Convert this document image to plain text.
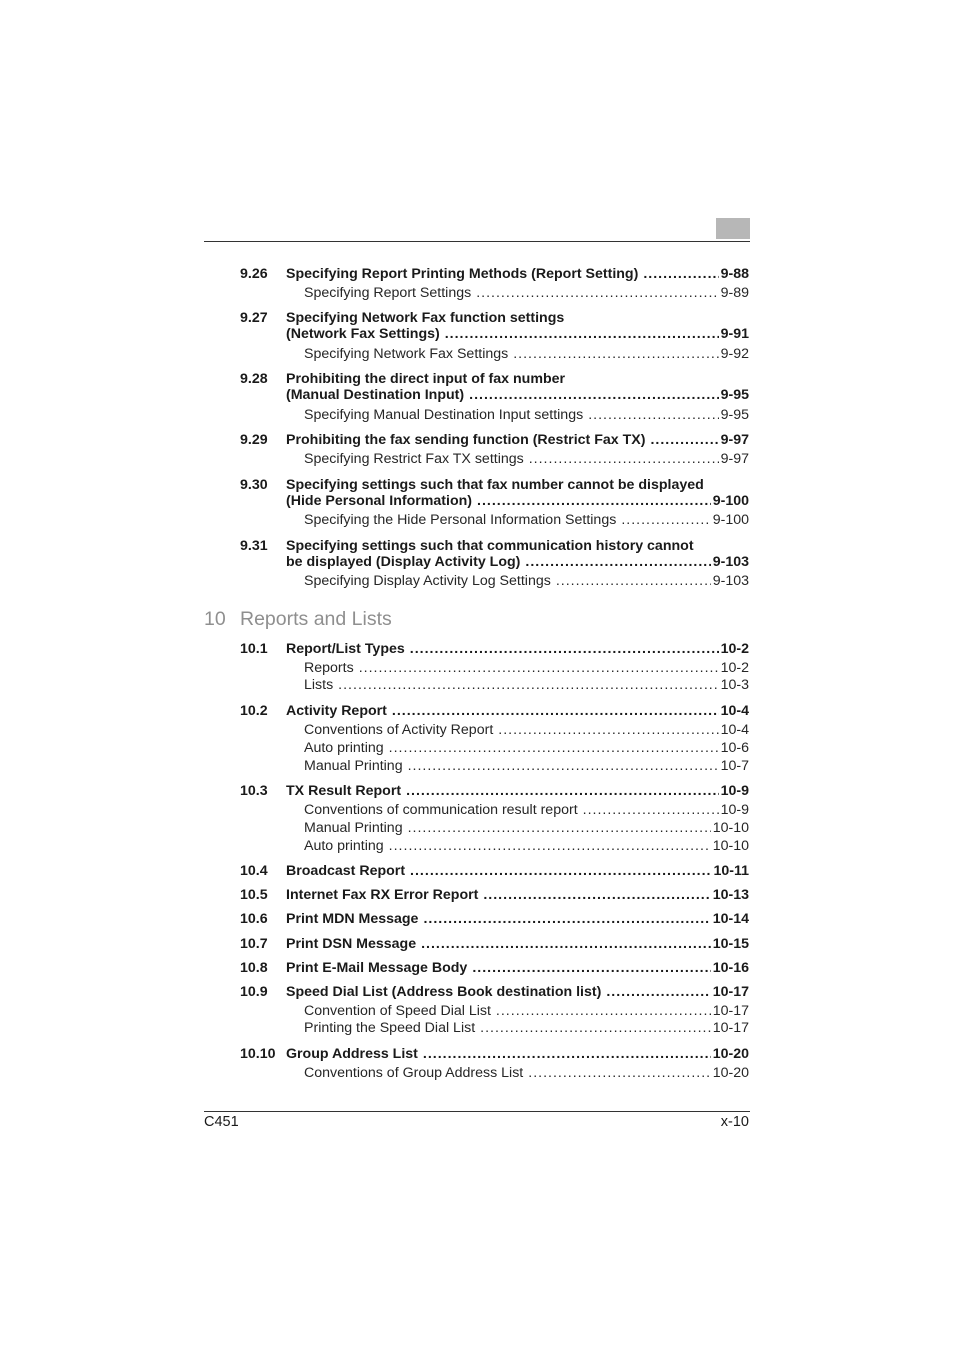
9.26 Specifying Report Printing Methods (Report Setting) .....	9-88
Specifying Report Settings .....	9-89
9.27 Specifying Network Fax function settings
(Network Fax Settings) .....	9-91
Specifying Network Fax Settings .....	9-92
9.28 Prohibiting the direct input of fax number
(Manual Destination Input) .....	9-95
Specifying Manual Destination Input settings .....	9-95
9.29 Prohibiting the fax sending function (Restrict Fax TX) .....	9-97
Specifying Restrict Fax TX settings .....	9-97
9.30 Specifying settings such that fax number cannot be displayed
(Hide Personal Information) .....	9-100
Specifying the Hide Personal Information Settings .....	9-100
9.31 Specifying settings such that communication history cannot
be displayed (Display Activity Log) .....	9-103
Specifying Display Activity Log Settings .....	9-103
10 Reports and Lists
10.1 Report/List Types .....	10-2
Reports .....	10-2
Lists .....	10-3
10.2 Activity Report .....	10-4
Conventions of Activity Report .....	10-4
Auto printing .....	10-6
Manual Printing .....	10-7
10.3 TX Result Report .....	10-9
Conventions of communication result report .....	10-9
Manual Printing .....	10-10
Auto printing .....	10-10
10.4 Broadcast Report .....	10-11
10.5 Internet Fax RX Error Report .....	10-13
10.6 Print MDN Message .....	10-14
10.7 Print DSN Message .....	10-15
10.8 Print E-Mail Message Body .....	10-16
10.9 Speed Dial List (Address Book destination list) .....	10-17
Convention of Speed Dial List .....	10-17
Printing the Speed Dial List .....	10-17
10.10 Group Address List .....	10-20
Conventions of Group Address List .....	10-20
C451	x-10
